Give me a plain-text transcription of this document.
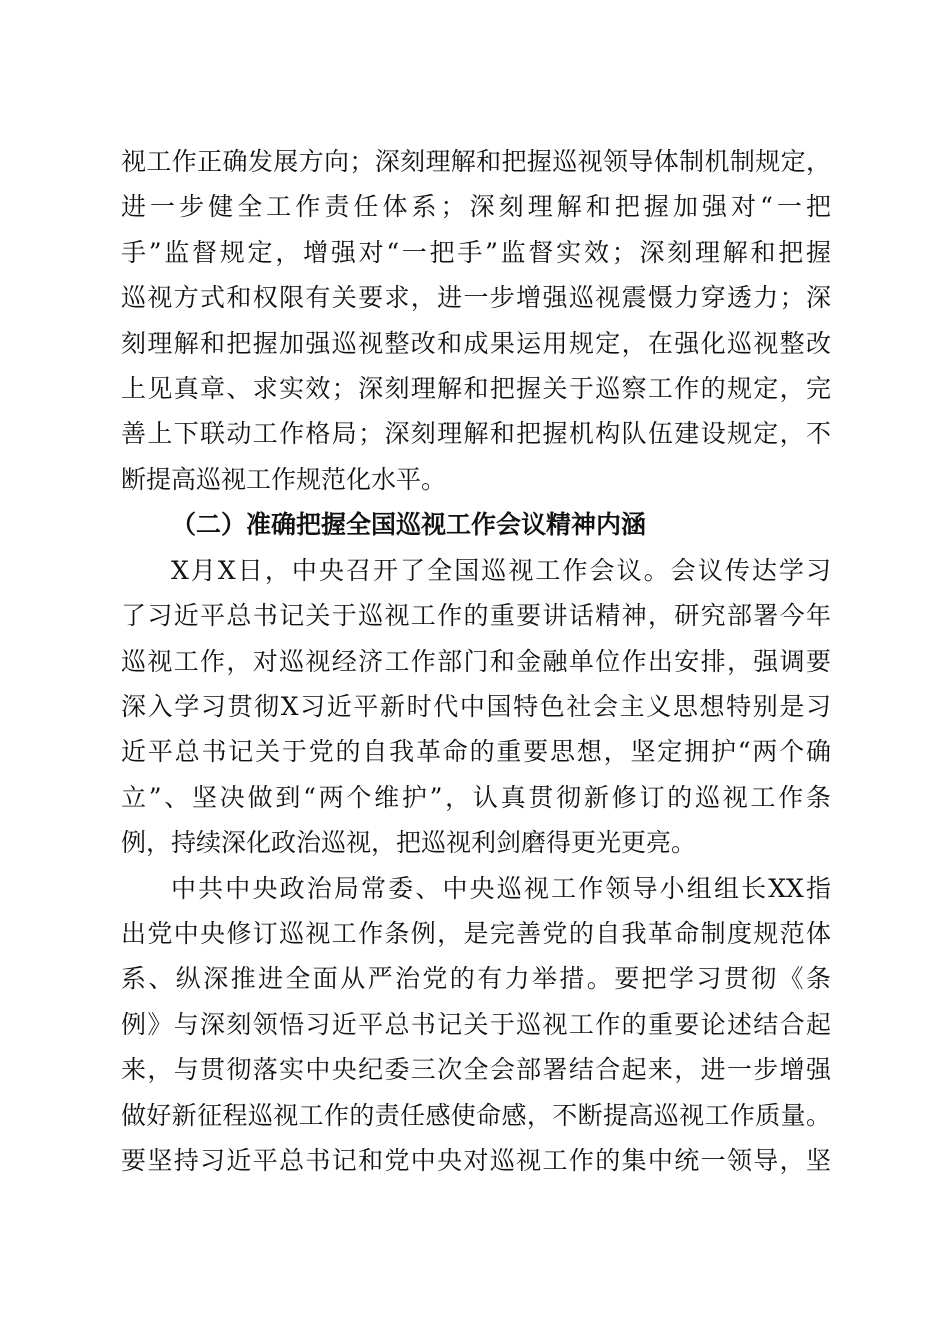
视工作正确发展方向；深刻理解和把握巡视领导体制机制规定，
进一步健全工作责任体系；深刻理解和把握加强对“一把
手”监督规定，增强对“一把手”监督实效；深刻理解和把握
巡视方式和权限有关要求，进一步增强巡视震慑力穿透力；深
刻理解和把握加强巡视整改和成果运用规定，在强化巡视整改
上见真章、求实效；深刻理解和把握关于巡察工作的规定，完
善上下联动工作格局；深刻理解和把握机构队伍建设规定，不
断提高巡视工作规范化水平。
（二）准确把握全国巡视工作会议精神内涵
X月X日，中央召开了全国巡视工作会议。会议传达学习
了习近平总书记关于巡视工作的重要讲话精神，研究部署今年
巡视工作，对巡视经济工作部门和金融单位作出安排，强调要
深入学习贯彻X习近平新时代中国特色社会主义思想特别是习
近平总书记关于党的自我革命的重要思想，坚定拥护“两个确
立”、坚决做到“两个维护”，认真贯彻新修订的巡视工作条
例，持续深化政治巡视，把巡视利剑磨得更光更亮。
中共中央政治局常委、中央巡视工作领导小组组长XX指
出党中央修订巡视工作条例，是完善党的自我革命制度规范体
系、纵深推进全面从严治党的有力举措。要把学习贯彻《条
例》与深刻领悟习近平总书记关于巡视工作的重要论述结合起
来，与贯彻落实中央纪委三次全会部署结合起来，进一步增强
做好新征程巡视工作的责任感使命感，不断提高巡视工作质量。
要坚持习近平总书记和党中央对巡视工作的集中统一领导，坚
